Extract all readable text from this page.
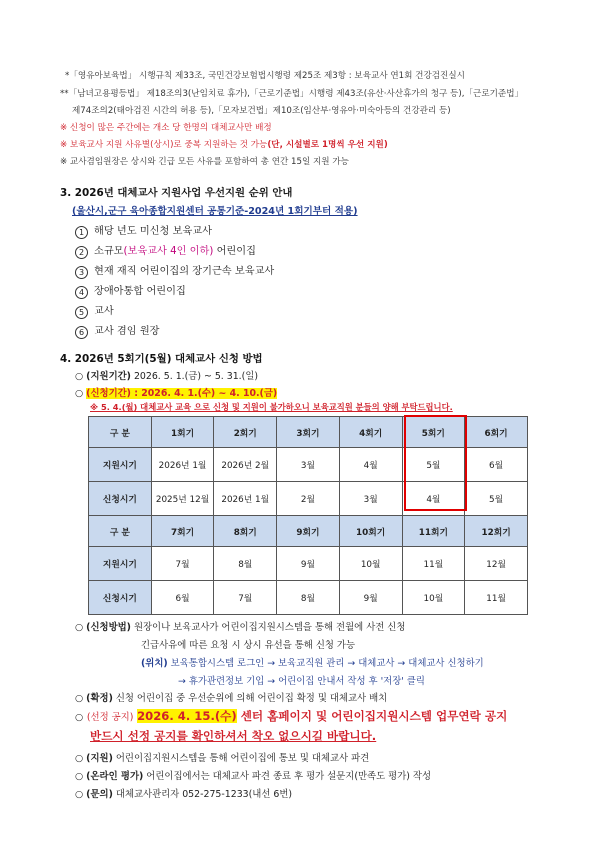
*「영유아보육법」 시행규칙 제33조, 국민건강보험법시행령 제25조 제3항 : 보육교사 연1회 건강검진실시
**「남녀고용평등법」 제18조의3(난임치료 휴가),「근로기준법」시행령 제43조(유산·사산휴가의 청구 등),「근로기준법」
제74조의2(태아검진 시간의 허용 등),「모자보건법」제10조(임산부·영유아·미숙아등의 건강관리 등)
※ 신청이 많은 주간에는 개소 당 한명의 대체교사만 배정
※ 보육교사 지원 사유별(상시)로 중복 지원하는 것 가능(단, 시설별로 1명씩 우선 지원)
※ 교사겸임원장은 상시와 긴급 모든 사유를 포함하여 총 연간 15일 지원 가능
3. 2026년 대체교사 지원사업 우선지원 순위 안내
(울산시,군구 육아종합지원센터 공통기준-2024년 1회기부터 적용)
1 해당 년도 미신청 보육교사
2 소규모(보육교사 4인 이하) 어린이집
3 현재 재직 어린이집의 장기근속 보육교사
4 장애아통합 어린이집
5 교사
6 교사 겸임 원장
4. 2026년 5회기(5월) 대체교사 신청 방법
○ (지원기간) 2026. 5. 1.(금) ~ 5. 31.(일)
○ (신청기간) : 2026. 4. 1.(수) ~ 4. 10.(금)
※ 5. 4.(월) 대체교사 교육 으로 신청 및 지원이 불가하오니 보육교직원 분들의 양해 부탁드립니다.
구 분	1회기	2회기	3회기	4회기	5회기	6회기
지원시기	2026년 1월	2026년 2월	3월	4월	5월	6월
신청시기	2025년 12월	2026년 1월	2월	3월	4월	5월
구 분	7회기	8회기	9회기	10회기	11회기	12회기
지원시기	7월	8월	9월	10월	11월	12월
신청시기	6월	7월	8월	9월	10월	11월
○ (신청방법) 원장이나 보육교사가 어린이집지원시스템을 통해 전월에 사전 신청
긴급사유에 따른 요청 시 상시 유선을 통해 신청 가능
(위치) 보육통합시스템 로그인 → 보육교직원 관리 → 대체교사 → 대체교사 신청하기
→ 휴가관련정보 기입 → 어린이집 안내서 작성 후 '저장' 클릭
○ (확정) 신청 어린이집 중 우선순위에 의해 어린이집 확정 및 대체교사 배치
○ (선정 공지) 2026. 4. 15.(수) 센터 홈페이지 및 어린이집지원시스템 업무연락 공지
반드시 선정 공지를 확인하셔서 착오 없으시길 바랍니다.
○ (지원) 어린이집지원시스템을 통해 어린이집에 통보 및 대체교사 파견
○ (온라인 평가) 어린이집에서는 대체교사 파견 종료 후 평가 설문지(만족도 평가) 작성
○ (문의) 대체교사관리자 052-275-1233(내선 6번)
